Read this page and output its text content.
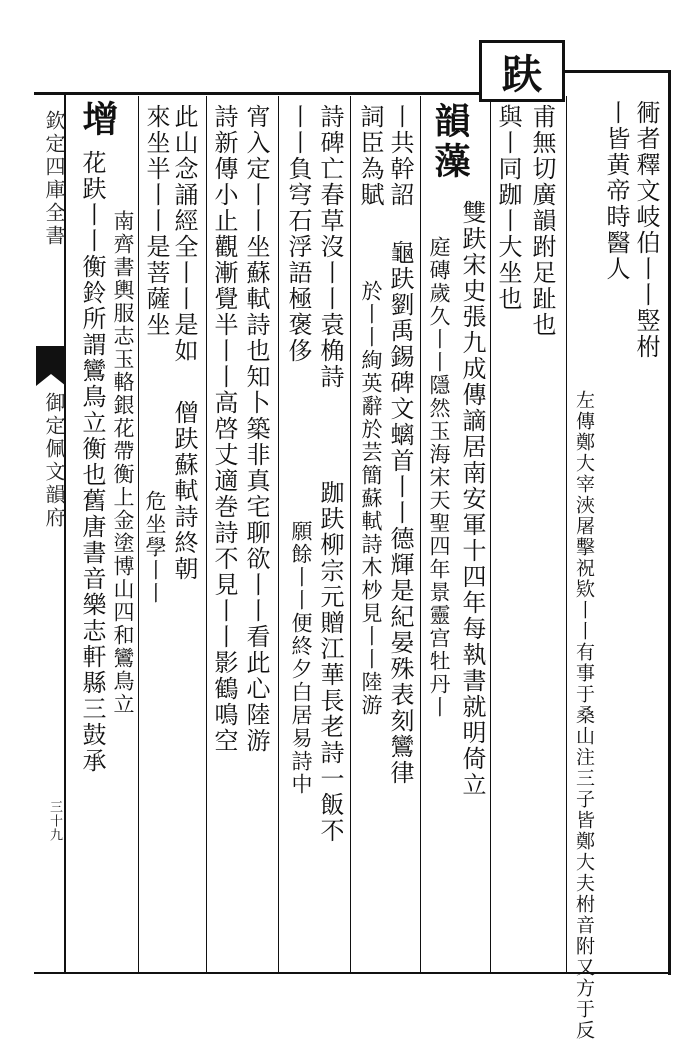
欽定四庫全書
御定佩文韻府
三十九
趺
衕者釋文岐伯丨丨竪柎
丨皆黄帝時醫人
左傳鄭大宰浹屠擊祝欵丨丨有事于桑山注三子皆鄭大夫柎音附又方于反
甫無切廣韻跗足趾也
與丨同跏丨大坐也
韻藻
雙趺宋史張九成傳謫居南安軍十四年每執書就明倚立
庭磚歲久丨丨隱然玉海宋天聖四年景靈宫牡丹丨
丨共幹詔
詞臣為賦
龜趺劉禹錫碑文螭首丨丨德輝是紀晏殊表刻鸞律
於丨丨絢英辭於芸簡蘇軾詩木杪見丨丨陸游
詩碑亡春草沒丨丨袁桷詩
丨丨負穹石浮語極褒侈
跏趺柳宗元贈江華長老詩一飯不
願餘丨丨便終夕白居易詩中
宵入定丨丨坐蘇軾詩也知卜築非真宅聊欲丨丨看此心陸游
詩新傳小止觀漸覺半丨丨高啓丈適巻詩不見丨丨影鶴鳴空
此山念誦經全丨丨是如
僧趺蘇軾詩終朝
來坐半丨丨是菩薩坐
危坐學丨丨
增
花趺丨丨衡鈴所謂鸞鳥立衡也舊唐書音樂志軒縣三鼓承 南齊書輿服志玉輅銀花帶衡上金塗博山四和鸞鳥立
